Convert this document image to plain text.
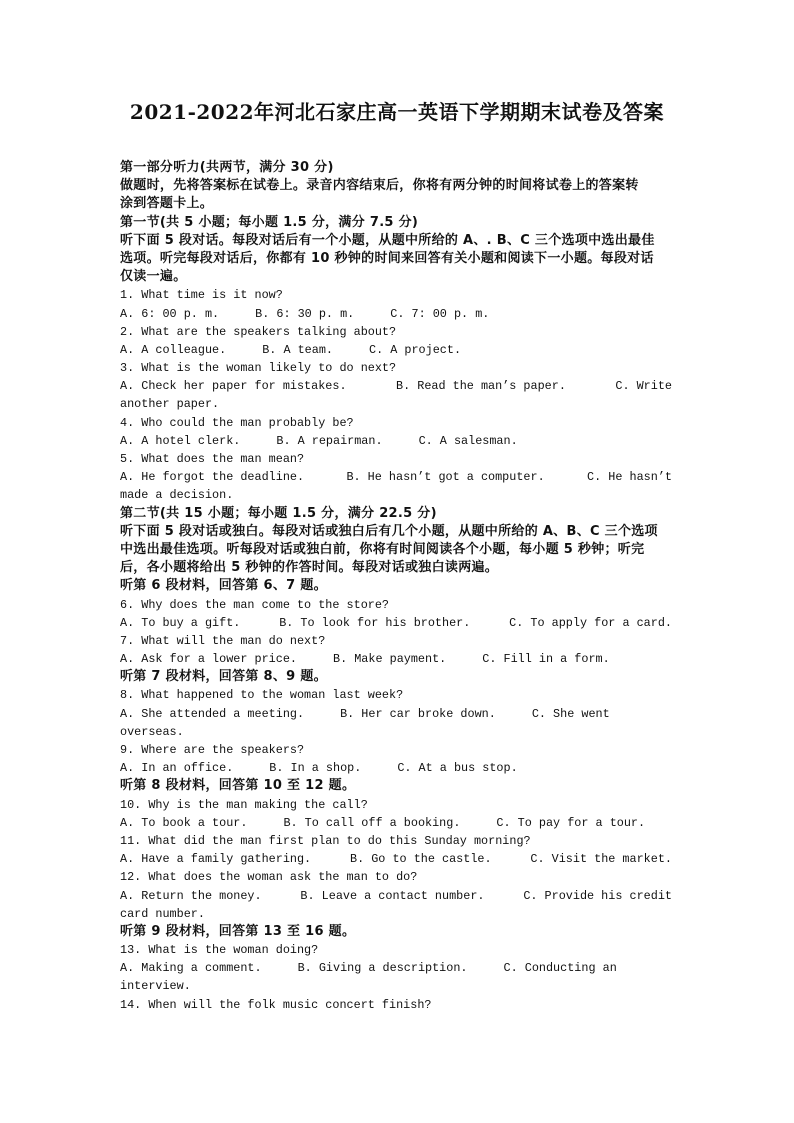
2021-2022年河北石家庄高一英语下学期期末试卷及答案
第一部分听力(共两节，满分 30 分)
做题时，先将答案标在试卷上。录音内容结束后，你将有两分钟的时间将试卷上的答案转
涂到答题卡上。
第一节(共 5 小题；每小题 1.5 分，满分 7.5 分)
听下面 5 段对话。每段对话后有一个小题，从题中所给的 A、. B、C 三个选项中选出最佳
选项。听完每段对话后，你都有 10 秒钟的时间来回答有关小题和阅读下一小题。每段对话
仅读一遍。
1. What time is it now?
A. 6: 00 p. m.	B. 6: 30 p. m.	C. 7: 00 p. m.
2. What are the speakers talking about?
A. A colleague.	B. A team.	C. A project.
3. What is the woman likely to do next?
A. Check her paper for mistakes.	B. Read the man’s paper.	C. Write
another paper.
4. Who could the man probably be?
A. A hotel clerk.	B. A repairman.	C. A salesman.
5. What does the man mean?
A. He forgot the deadline.	B. He hasn’t got a computer.	C. He hasn’t
made a decision.
第二节(共 15 小题；每小题 1.5 分，满分 22.5 分)
听下面 5 段对话或独白。每段对话或独白后有几个小题，从题中所给的 A、B、C 三个选项
中选出最佳选项。听每段对话或独白前，你将有时间阅读各个小题，每小题 5 秒钟；听完
后，各小题将给出 5 秒钟的作答时间。每段对话或独白读两遍。
听第 6 段材料，回答第 6、7 题。
6. Why does the man come to the store?
A. To buy a gift.	B. To look for his brother.	C. To apply for a card.
7. What will the man do next?
A. Ask for a lower price.	B. Make payment.	C. Fill in a form.
听第 7 段材料，回答第 8、9 题。
8. What happened to the woman last week?
A. She attended a meeting.	B. Her car broke down.	C. She went
overseas.
9. Where are the speakers?
A. In an office.	B. In a shop.	C. At a bus stop.
听第 8 段材料，回答第 10 至 12 题。
10. Why is the man making the call?
A. To book a tour.	B. To call off a booking.	C. To pay for a tour.
11. What did the man first plan to do this Sunday morning?
A. Have a family gathering.	B. Go to the castle.	C. Visit the market.
12. What does the woman ask the man to do?
A. Return the money.	B. Leave a contact number.	C. Provide his credit
card number.
听第 9 段材料，回答第 13 至 16 题。
13. What is the woman doing?
A. Making a comment.	B. Giving a description.	C. Conducting an
interview.
14. When will the folk music concert finish?
